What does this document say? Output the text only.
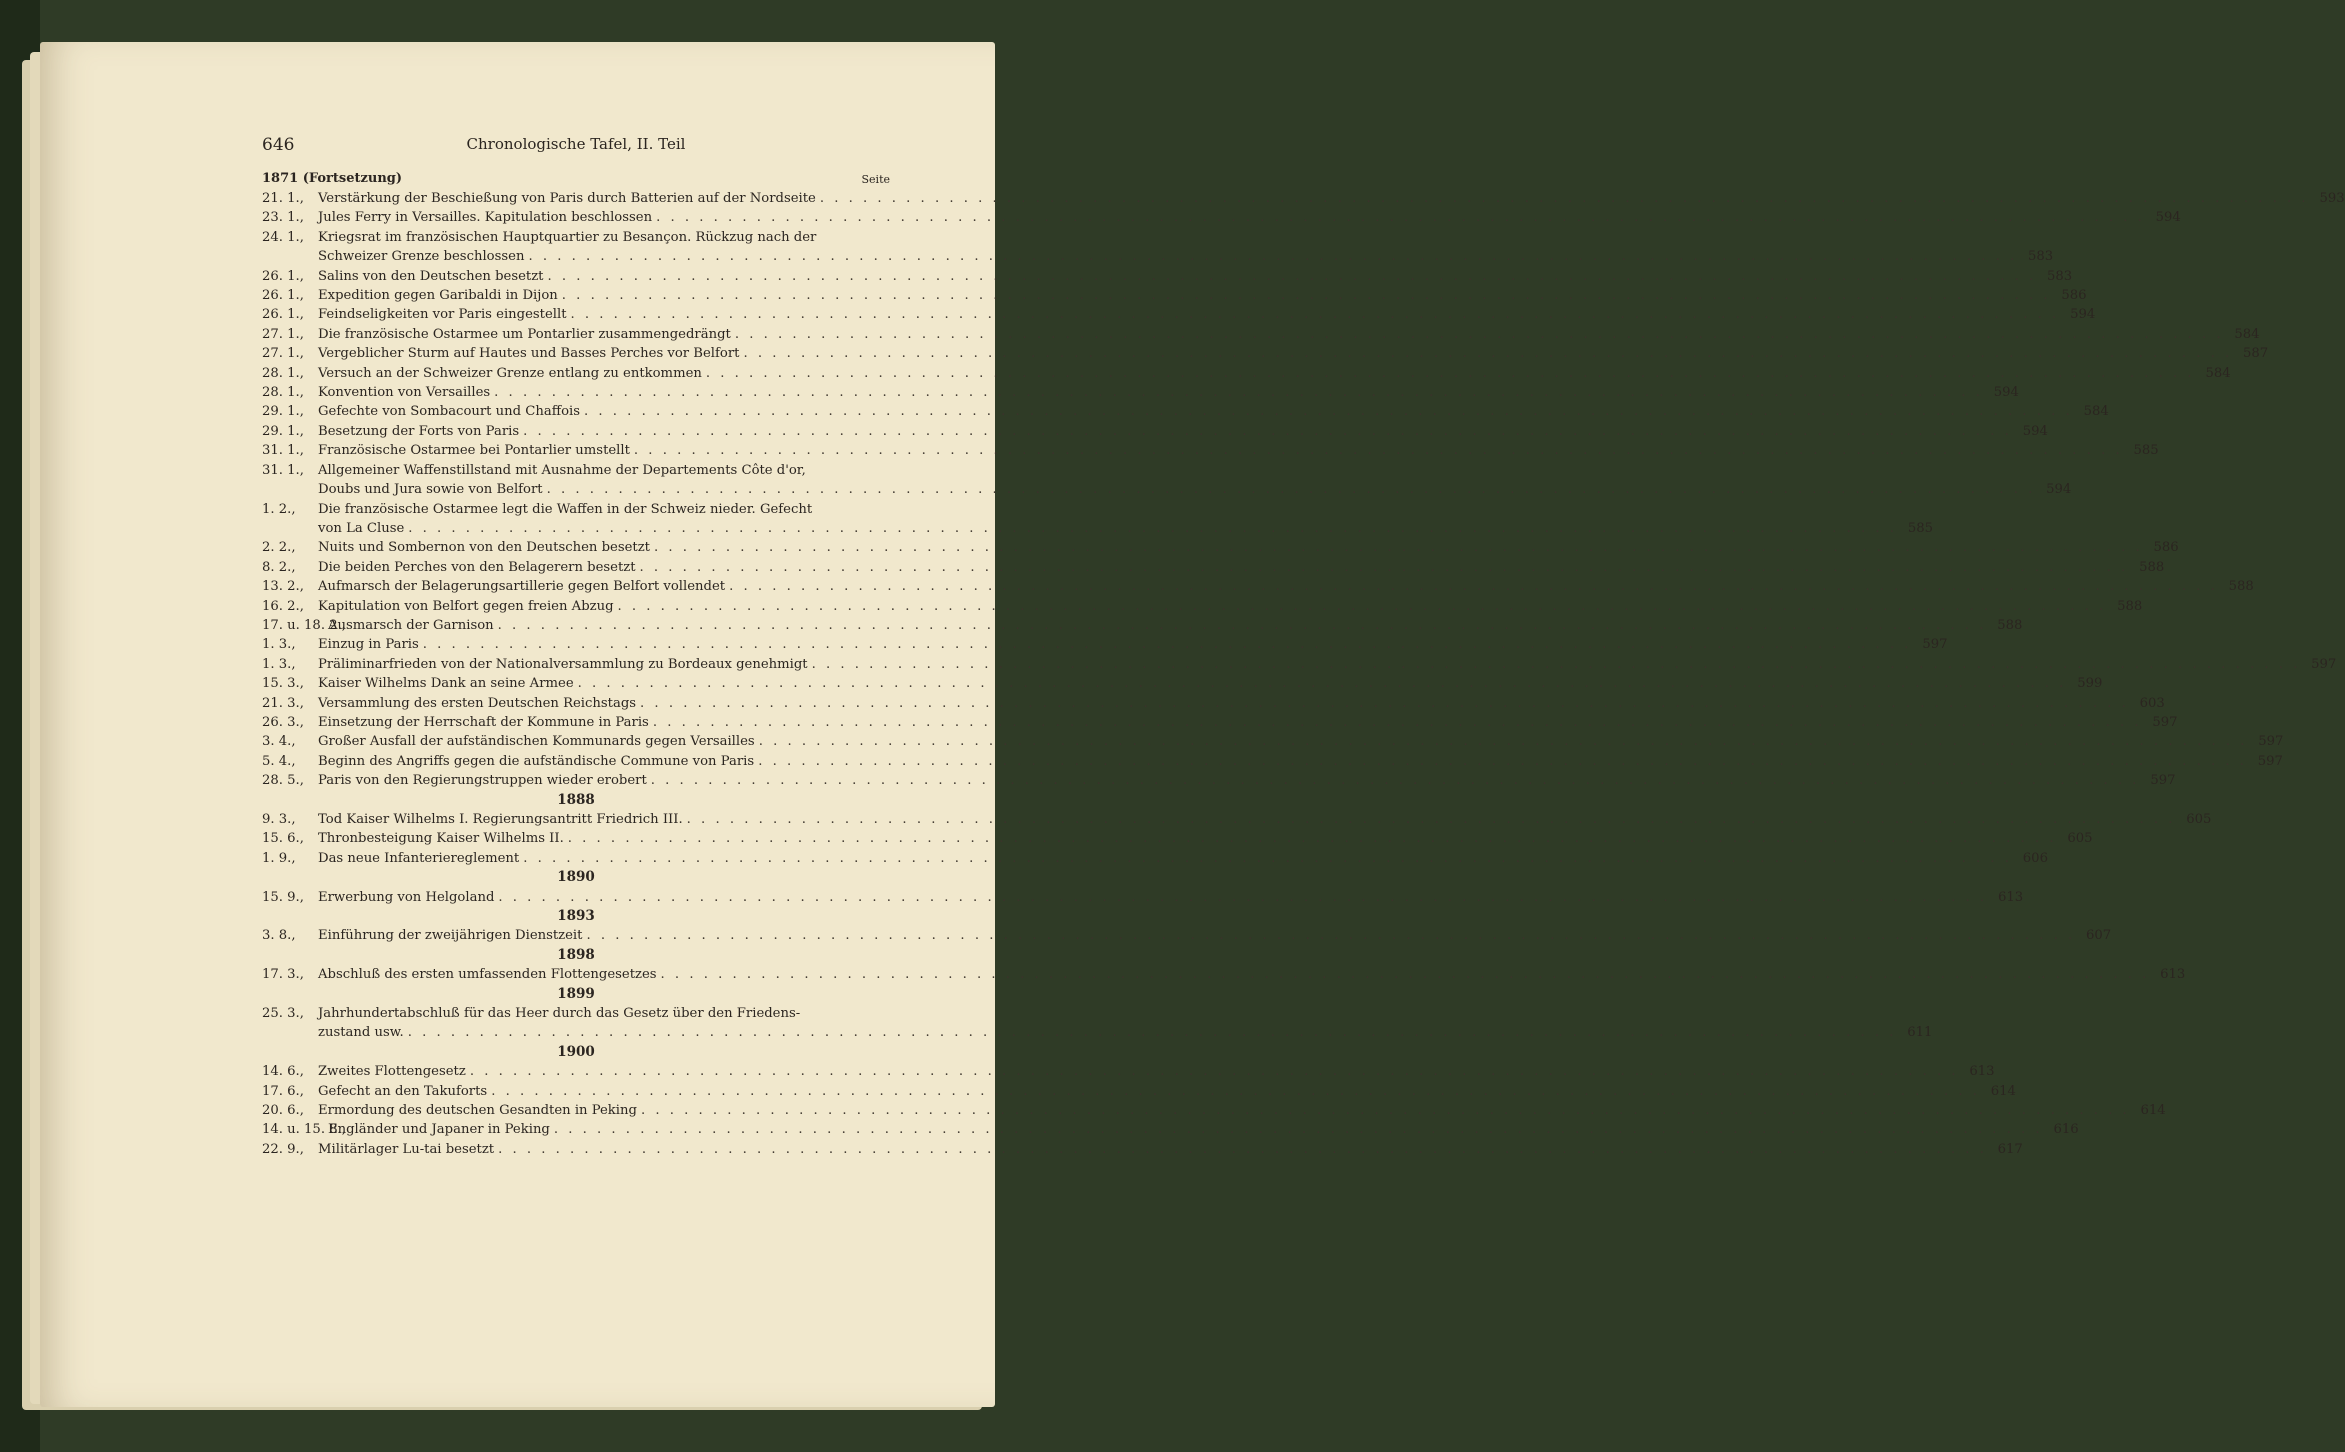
646	Chronologische Tafel, II. Teil
1871 (Fortsetzung)	Seite
21. 1.,	Verstärkung der Beschießung von Paris durch Batterien auf der Nordseite . . .	593
23. 1.,	Jules Ferry in Versailles. Kapitulation beschlossen . . .	594
24. 1.,	Kriegsrat im französischen Hauptquartier zu Besançon. Rückzug nach der
Schweizer Grenze beschlossen . . .	583
26. 1.,	Salins von den Deutschen besetzt . . .	583
26. 1.,	Expedition gegen Garibaldi in Dijon . . .	586
26. 1.,	Feindseligkeiten vor Paris eingestellt . . .	594
27. 1.,	Die französische Ostarmee um Pontarlier zusammengedrängt . . .	584
27. 1.,	Vergeblicher Sturm auf Hautes und Basses Perches vor Belfort . . .	587
28. 1.,	Versuch an der Schweizer Grenze entlang zu entkommen . . .	584
28. 1.,	Konvention von Versailles . . .	594
29. 1.,	Gefechte von Sombacourt und Chaffois . . .	584
29. 1.,	Besetzung der Forts von Paris . . .	594
31. 1.,	Französische Ostarmee bei Pontarlier umstellt . . .	585
31. 1.,	Allgemeiner Waffenstillstand mit Ausnahme der Departements Côte d'or,
Doubs und Jura sowie von Belfort . . .	594
1. 2.,	Die französische Ostarmee legt die Waffen in der Schweiz nieder. Gefecht
von La Cluse . . .	585
2. 2.,	Nuits und Sombernon von den Deutschen besetzt . . .	586
8. 2.,	Die beiden Perches von den Belagerern besetzt . . .	588
13. 2.,	Aufmarsch der Belagerungsartillerie gegen Belfort vollendet . . .	588
16. 2.,	Kapitulation von Belfort gegen freien Abzug . . .	588
17. u. 18. 2.,
Ausmarsch der Garnison . . .	588
1. 3.,	Einzug in Paris . . .	597
1. 3.,	Präliminarfrieden von der Nationalversammlung zu Bordeaux genehmigt . . .	597
15. 3.,	Kaiser Wilhelms Dank an seine Armee . . .	599
21. 3.,	Versammlung des ersten Deutschen Reichstags . . .	603
26. 3.,	Einsetzung der Herrschaft der Kommune in Paris . . .	597
3. 4.,	Großer Ausfall der aufständischen Kommunards gegen Versailles . . .	597
5. 4.,	Beginn des Angriffs gegen die aufständische Commune von Paris . . .	597
28. 5.,	Paris von den Regierungstruppen wieder erobert . . .	597
1888
9. 3.,	Tod Kaiser Wilhelms I. Regierungsantritt Friedrich III. . . .	605
15. 6.,	Thronbesteigung Kaiser Wilhelms II. . . .	605
1. 9.,	Das neue Infanteriereglement . . .	606
1890
15. 9.,	Erwerbung von Helgoland . . .	613
1893
3. 8.,	Einführung der zweijährigen Dienstzeit . . .	607
1898
17. 3.,	Abschluß des ersten umfassenden Flottengesetzes . . .	613
1899
25. 3.,	Jahrhundertabschluß für das Heer durch das Gesetz über den Friedens-
zustand usw. . . .	611
1900
14. 6.,	Zweites Flottengesetz . . .	613
17. 6.,	Gefecht an den Takuforts . . .	614
20. 6.,	Ermordung des deutschen Gesandten in Peking . . .	614
14. u. 15. 8.,
Engländer und Japaner in Peking . . .	616
22. 9.,	Militärlager Lu-tai besetzt . . .	617
